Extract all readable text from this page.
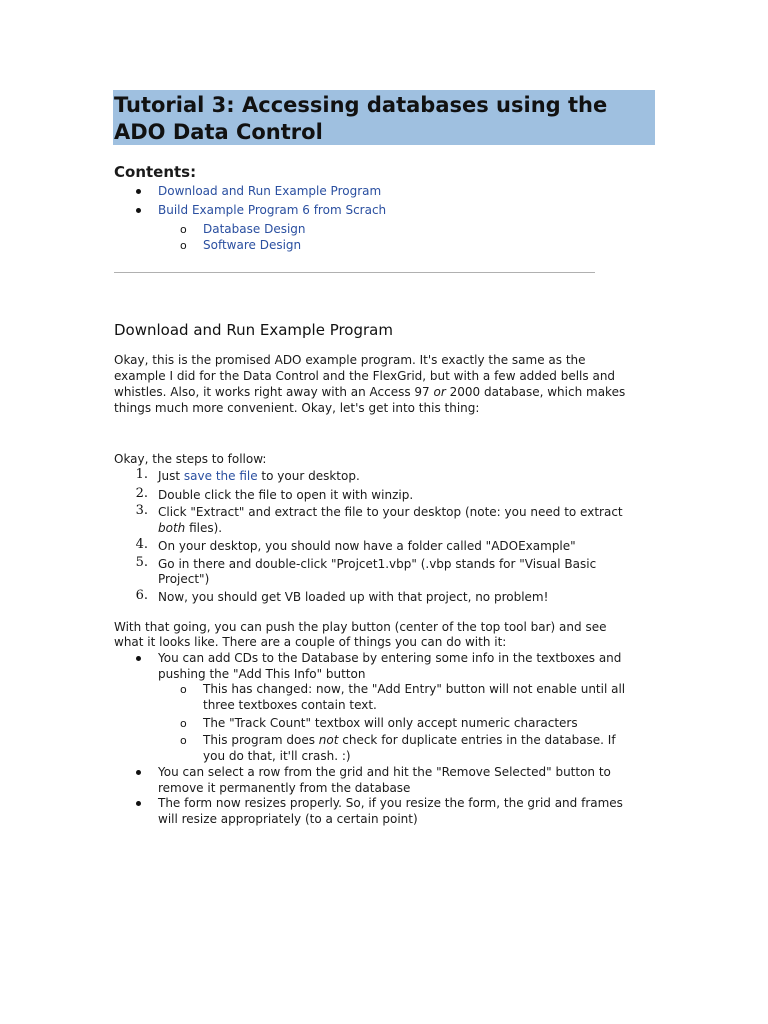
Tutorial 3: Accessing databases using the
ADO Data Control
Contents:
Download and Run Example Program
Build Example Program 6 from Scrach
o Database Design
o Software Design
Download and Run Example Program
Okay, this is the promised ADO example program. It's exactly the same as the
example I did for the Data Control and the FlexGrid, but with a few added bells and
whistles. Also, it works right away with an Access 97 or 2000 database, which makes
things much more convenient. Okay, let's get into this thing:
Okay, the steps to follow:
1. Just save the file to your desktop.
2. Double click the file to open it with winzip.
3. Click "Extract" and extract the file to your desktop (note: you need to extract
both files).
4. On your desktop, you should now have a folder called "ADOExample"
5. Go in there and double-click "Projcet1.vbp" (.vbp stands for "Visual Basic
Project")
6. Now, you should get VB loaded up with that project, no problem!
With that going, you can push the play button (center of the top tool bar) and see
what it looks like. There are a couple of things you can do with it:
You can add CDs to the Database by entering some info in the textboxes and
pushing the "Add This Info" button
o This has changed: now, the "Add Entry" button will not enable until all
three textboxes contain text.
o The "Track Count" textbox will only accept numeric characters
o This program does not check for duplicate entries in the database. If
you do that, it'll crash. :)
You can select a row from the grid and hit the "Remove Selected" button to
remove it permanently from the database
The form now resizes properly. So, if you resize the form, the grid and frames
will resize appropriately (to a certain point)
